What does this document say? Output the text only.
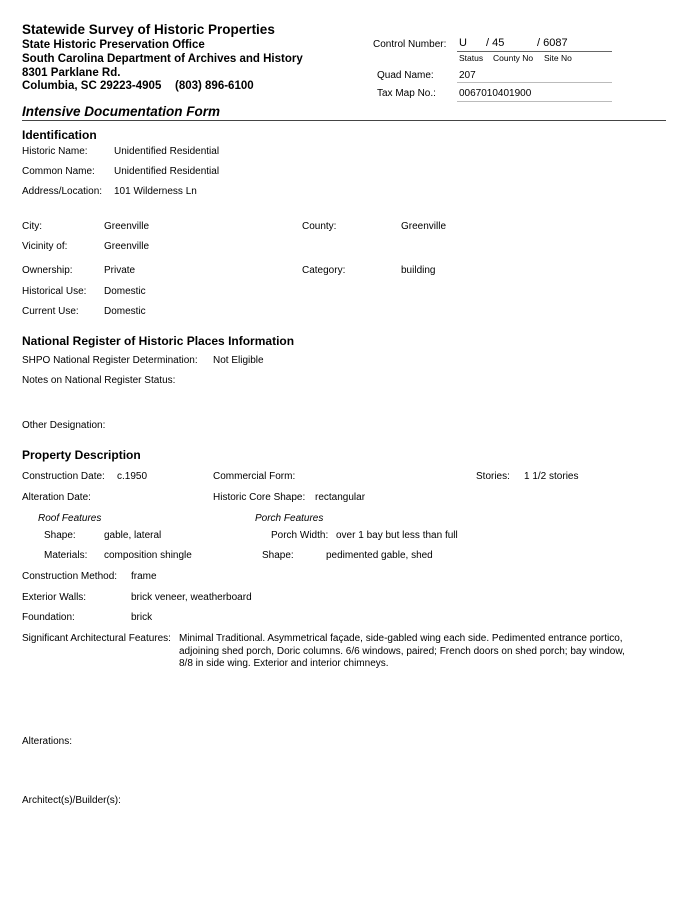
Statewide Survey of Historic Properties
State Historic Preservation Office
South Carolina Department of Archives and History
8301 Parklane Rd.
Columbia, SC 29223-4905 (803) 896-6100
Control Number: U / 45	/ 6087
Status County No Site No
Quad Name:	207
Tax Map No.: 0067010401900
Intensive Documentation Form
Identification
Historic Name:	Unidentified Residential
Common Name: Unidentified Residential
Address/Location: 101 Wilderness Ln
City:	Greenville	County:	Greenville
Vicinity of:	Greenville
Ownership:	Private	Category:	building
Historical Use: Domestic
Current Use:	Domestic
National Register of Historic Places Information
SHPO National Register Determination: Not Eligible
Notes on National Register Status:
Other Designation:
Property Description
Construction Date: c.1950	Commercial Form:	Stories: 1 1/2 stories
Alteration Date:	Historic Core Shape: rectangular
Roof Features	Porch Features
Shape:	gable, lateral	Porch Width: over 1 bay but less than full
Materials: composition shingle	Shape:	pedimented gable, shed
Construction Method: frame
Exterior Walls:	brick veneer, weatherboard
Foundation:	brick
Significant Architectural Features: Minimal Traditional. Asymmetrical façade, side-gabled wing each side. Pedimented entrance portico, adjoining shed porch, Doric columns. 6/6 windows, paired; French doors on shed porch; bay window, 8/8 in side wing. Exterior and interior chimneys.
Alterations:
Architect(s)/Builder(s):
